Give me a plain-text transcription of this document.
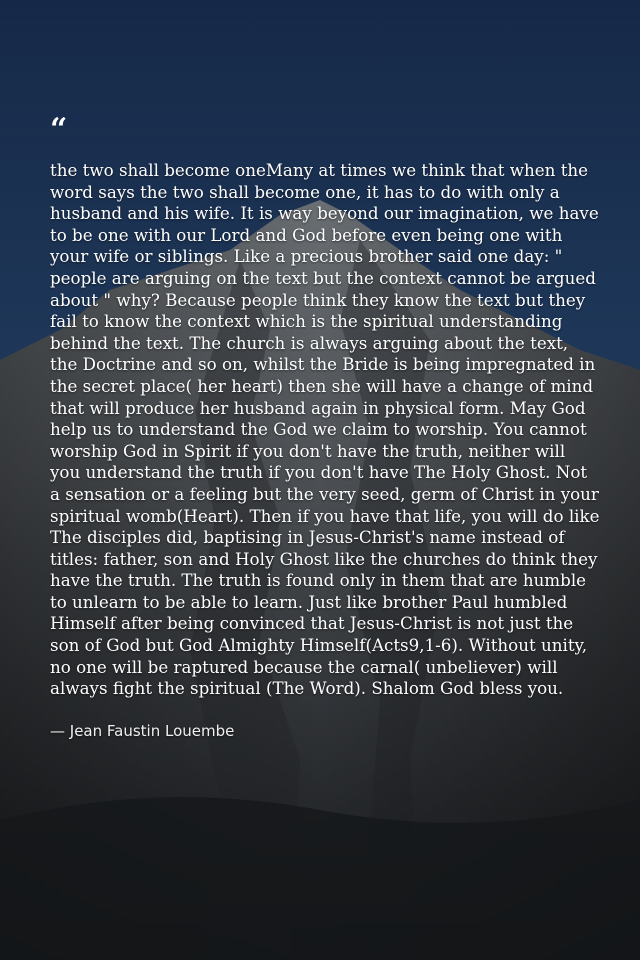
“
the two shall become oneMany at times we think that when the word says the two shall become one, it has to do with only a husband and his wife. It is way beyond our imagination, we have to be one with our Lord and God before even being one with your wife or siblings. Like a precious brother said one day: " people are arguing on the text but the context cannot be argued about " why? Because people think they know the text but they fail to know the context which is the spiritual understanding behind the text. The church is always arguing about the text, the Doctrine and so on, whilst the Bride is being impregnated in the secret place( her heart) then she will have a change of mind that will produce her husband again in physical form. May God help us to understand the God we claim to worship. You cannot worship God in Spirit if you don't have the truth, neither will you understand the truth if you don't have The Holy Ghost. Not a sensation or a feeling but the very seed, germ of Christ in your spiritual womb(Heart). Then if you have that life, you will do like The disciples did, baptising in Jesus-Christ's name instead of titles: father, son and Holy Ghost like the churches do think they have the truth. The truth is found only in them that are humble to unlearn to be able to learn. Just like brother Paul humbled Himself after being convinced that Jesus-Christ is not just the son of God but God Almighty Himself(Acts9,1-6). Without unity, no one will be raptured because the carnal( unbeliever) will always fight the spiritual (The Word). Shalom God bless you.
— Jean Faustin Louembe
